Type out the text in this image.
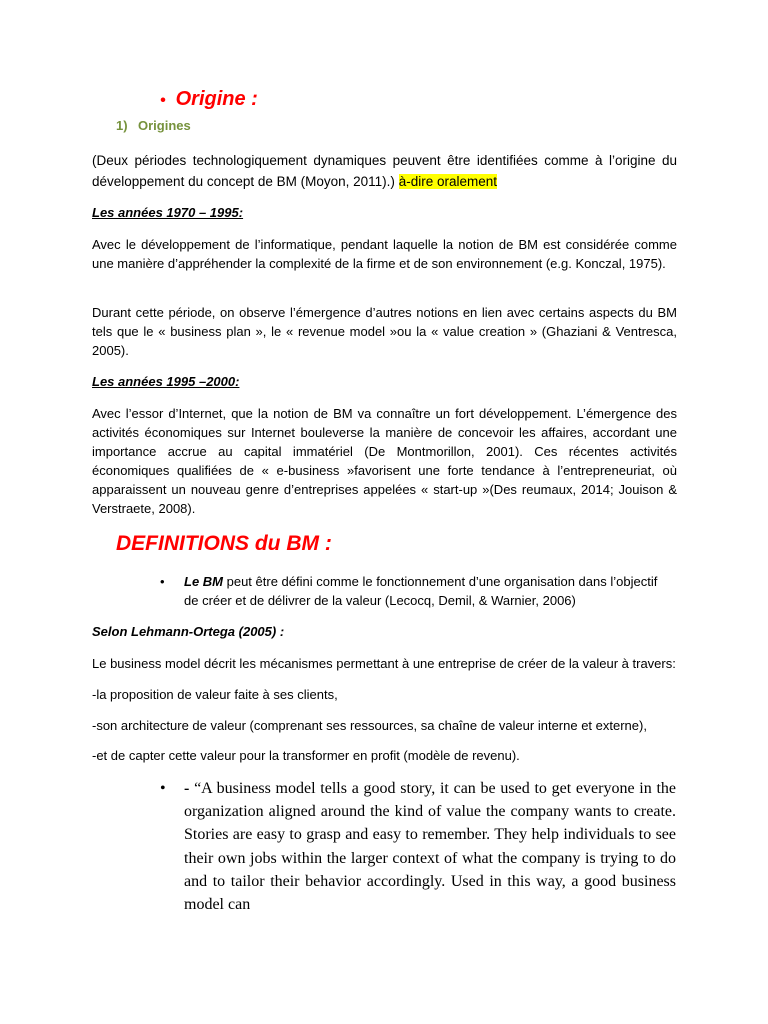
• Origine :
1) Origines
(Deux périodes technologiquement dynamiques peuvent être identifiées comme à l’origine du développement du concept de BM (Moyon, 2011).) à-dire oralement
Les années 1970 – 1995:
Avec le développement de l’informatique, pendant laquelle la notion de BM est considérée comme une manière d’appréhender la complexité de la firme et de son environnement (e.g. Konczal, 1975).
Durant cette période, on observe l’émergence d’autres notions en lien avec certains aspects du BM tels que le « business plan », le « revenue model »ou la « value creation » (Ghaziani & Ventresca, 2005).
Les années 1995 –2000:
Avec l’essor d’Internet, que la notion de BM va connaître un fort développement. L’émergence des activités économiques sur Internet bouleverse la manière de concevoir les affaires, accordant une importance accrue au capital immatériel (De Montmorillon, 2001). Ces récentes activités économiques qualifiées de « e-business »favorisent une forte tendance à l’entrepreneuriat, où apparaissent un nouveau genre d’entreprises appelées « start-up »(Des reumaux, 2014; Jouison & Verstraete, 2008).
DEFINITIONS du BM :
• Le BM peut être défini comme le fonctionnement d’une organisation dans l’objectif de créer et de délivrer de la valeur (Lecocq, Demil, & Warnier, 2006)
Selon Lehmann-Ortega (2005) :
Le business model décrit les mécanismes permettant à une entreprise de créer de la valeur à travers:
-la proposition de valeur faite à ses clients,
-son architecture de valeur (comprenant ses ressources, sa chaîne de valeur interne et externe),
-et de capter cette valeur pour la transformer en profit (modèle de revenu).
• - “A business model tells a good story, it can be used to get everyone in the organization aligned around the kind of value the company wants to create. Stories are easy to grasp and easy to remember. They help individuals to see their own jobs within the larger context of what the company is trying to do and to tailor their behavior accordingly. Used in this way, a good business model can
